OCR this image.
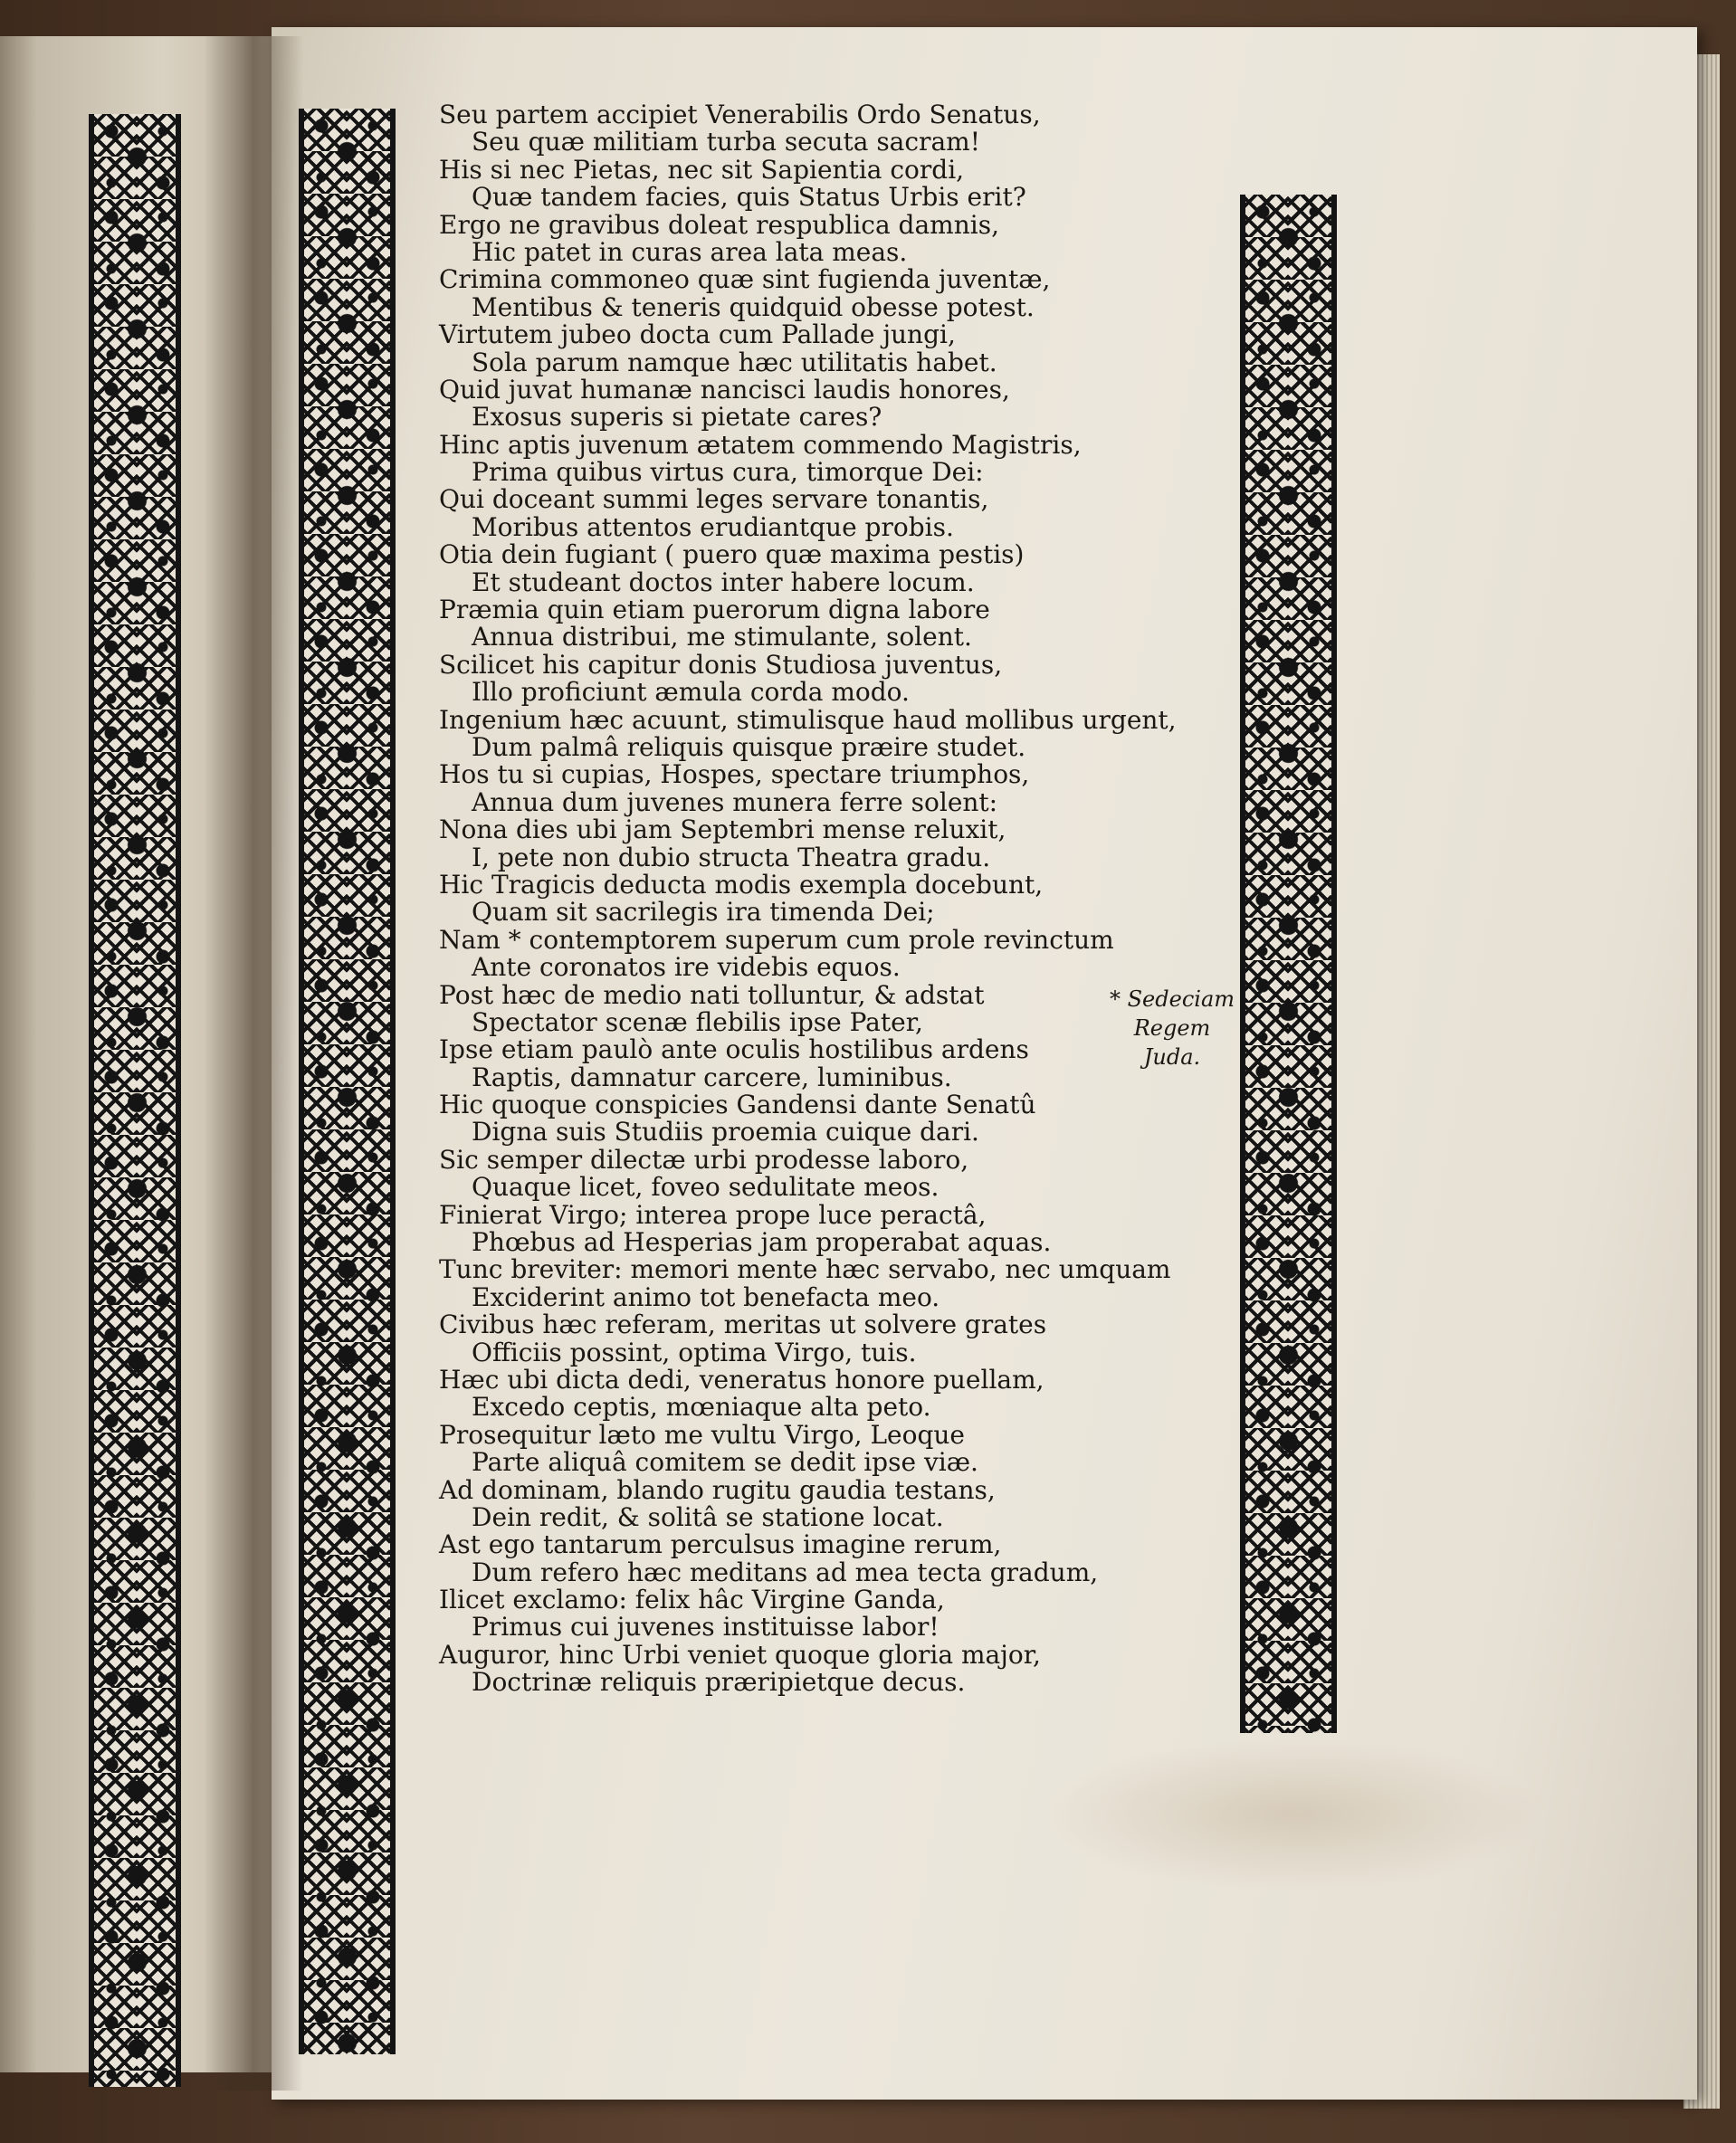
Seu partem accipiet Venerabilis Ordo Senatus,
Seu quæ militiam turba secuta sacram!
His si nec Pietas, nec sit Sapientia cordi,
Quæ tandem facies, quis Status Urbis erit?
Ergo ne gravibus doleat respublica damnis,
Hic patet in curas area lata meas.
Crimina commoneo quæ sint fugienda juventæ,
Mentibus & teneris quidquid obesse potest.
Virtutem jubeo docta cum Pallade jungi,
Sola parum namque hæc utilitatis habet.
Quid juvat humanæ nancisci laudis honores,
Exosus superis si pietate cares?
Hinc aptis juvenum ætatem commendo Magistris,
Prima quibus virtus cura, timorque Dei:
Qui doceant summi leges servare tonantis,
Moribus attentos erudiantque probis.
Otia dein fugiant ( puero quæ maxima pestis)
Et studeant doctos inter habere locum.
Præmia quin etiam puerorum digna labore
Annua distribui, me stimulante, solent.
Scilicet his capitur donis Studiosa juventus,
Illo proficiunt æmula corda modo.
Ingenium hæc acuunt, stimulisque haud mollibus urgent,
Dum palmâ reliquis quisque præire studet.
Hos tu si cupias, Hospes, spectare triumphos,
Annua dum juvenes munera ferre solent:
Nona dies ubi jam Septembri mense reluxit,
I, pete non dubio structa Theatra gradu.
Hic Tragicis deducta modis exempla docebunt,
Quam sit sacrilegis ira timenda Dei;
Nam * contemptorem superum cum prole revinctum
Ante coronatos ire videbis equos.
Post hæc de medio nati tolluntur, & adstat
Spectator scenæ flebilis ipse Pater,
Ipse etiam paulò ante oculis hostilibus ardens
Raptis, damnatur carcere, luminibus.
Hic quoque conspicies Gandensi dante Senatû
Digna suis Studiis proemia cuique dari.
Sic semper dilectæ urbi prodesse laboro,
Quaque licet, foveo sedulitate meos.
Finierat Virgo; interea prope luce peractâ,
Phœbus ad Hesperias jam properabat aquas.
Tunc breviter: memori mente hæc servabo, nec umquam
Exciderint animo tot benefacta meo.
Civibus hæc referam, meritas ut solvere grates
Officiis possint, optima Virgo, tuis.
Hæc ubi dicta dedi, veneratus honore puellam,
Excedo ceptis, mœniaque alta peto.
Prosequitur læto me vultu Virgo, Leoque
Parte aliquâ comitem se dedit ipse viæ.
Ad dominam, blando rugitu gaudia testans,
Dein redit, & solitâ se statione locat.
Ast ego tantarum perculsus imagine rerum,
Dum refero hæc meditans ad mea tecta gradum,
Ilicet exclamo: felix hâc Virgine Ganda,
Primus cui juvenes instituisse labor!
Auguror, hinc Urbi veniet quoque gloria major,
Doctrinæ reliquis præripietque decus.
* Sedeciam
Regem
Juda.
